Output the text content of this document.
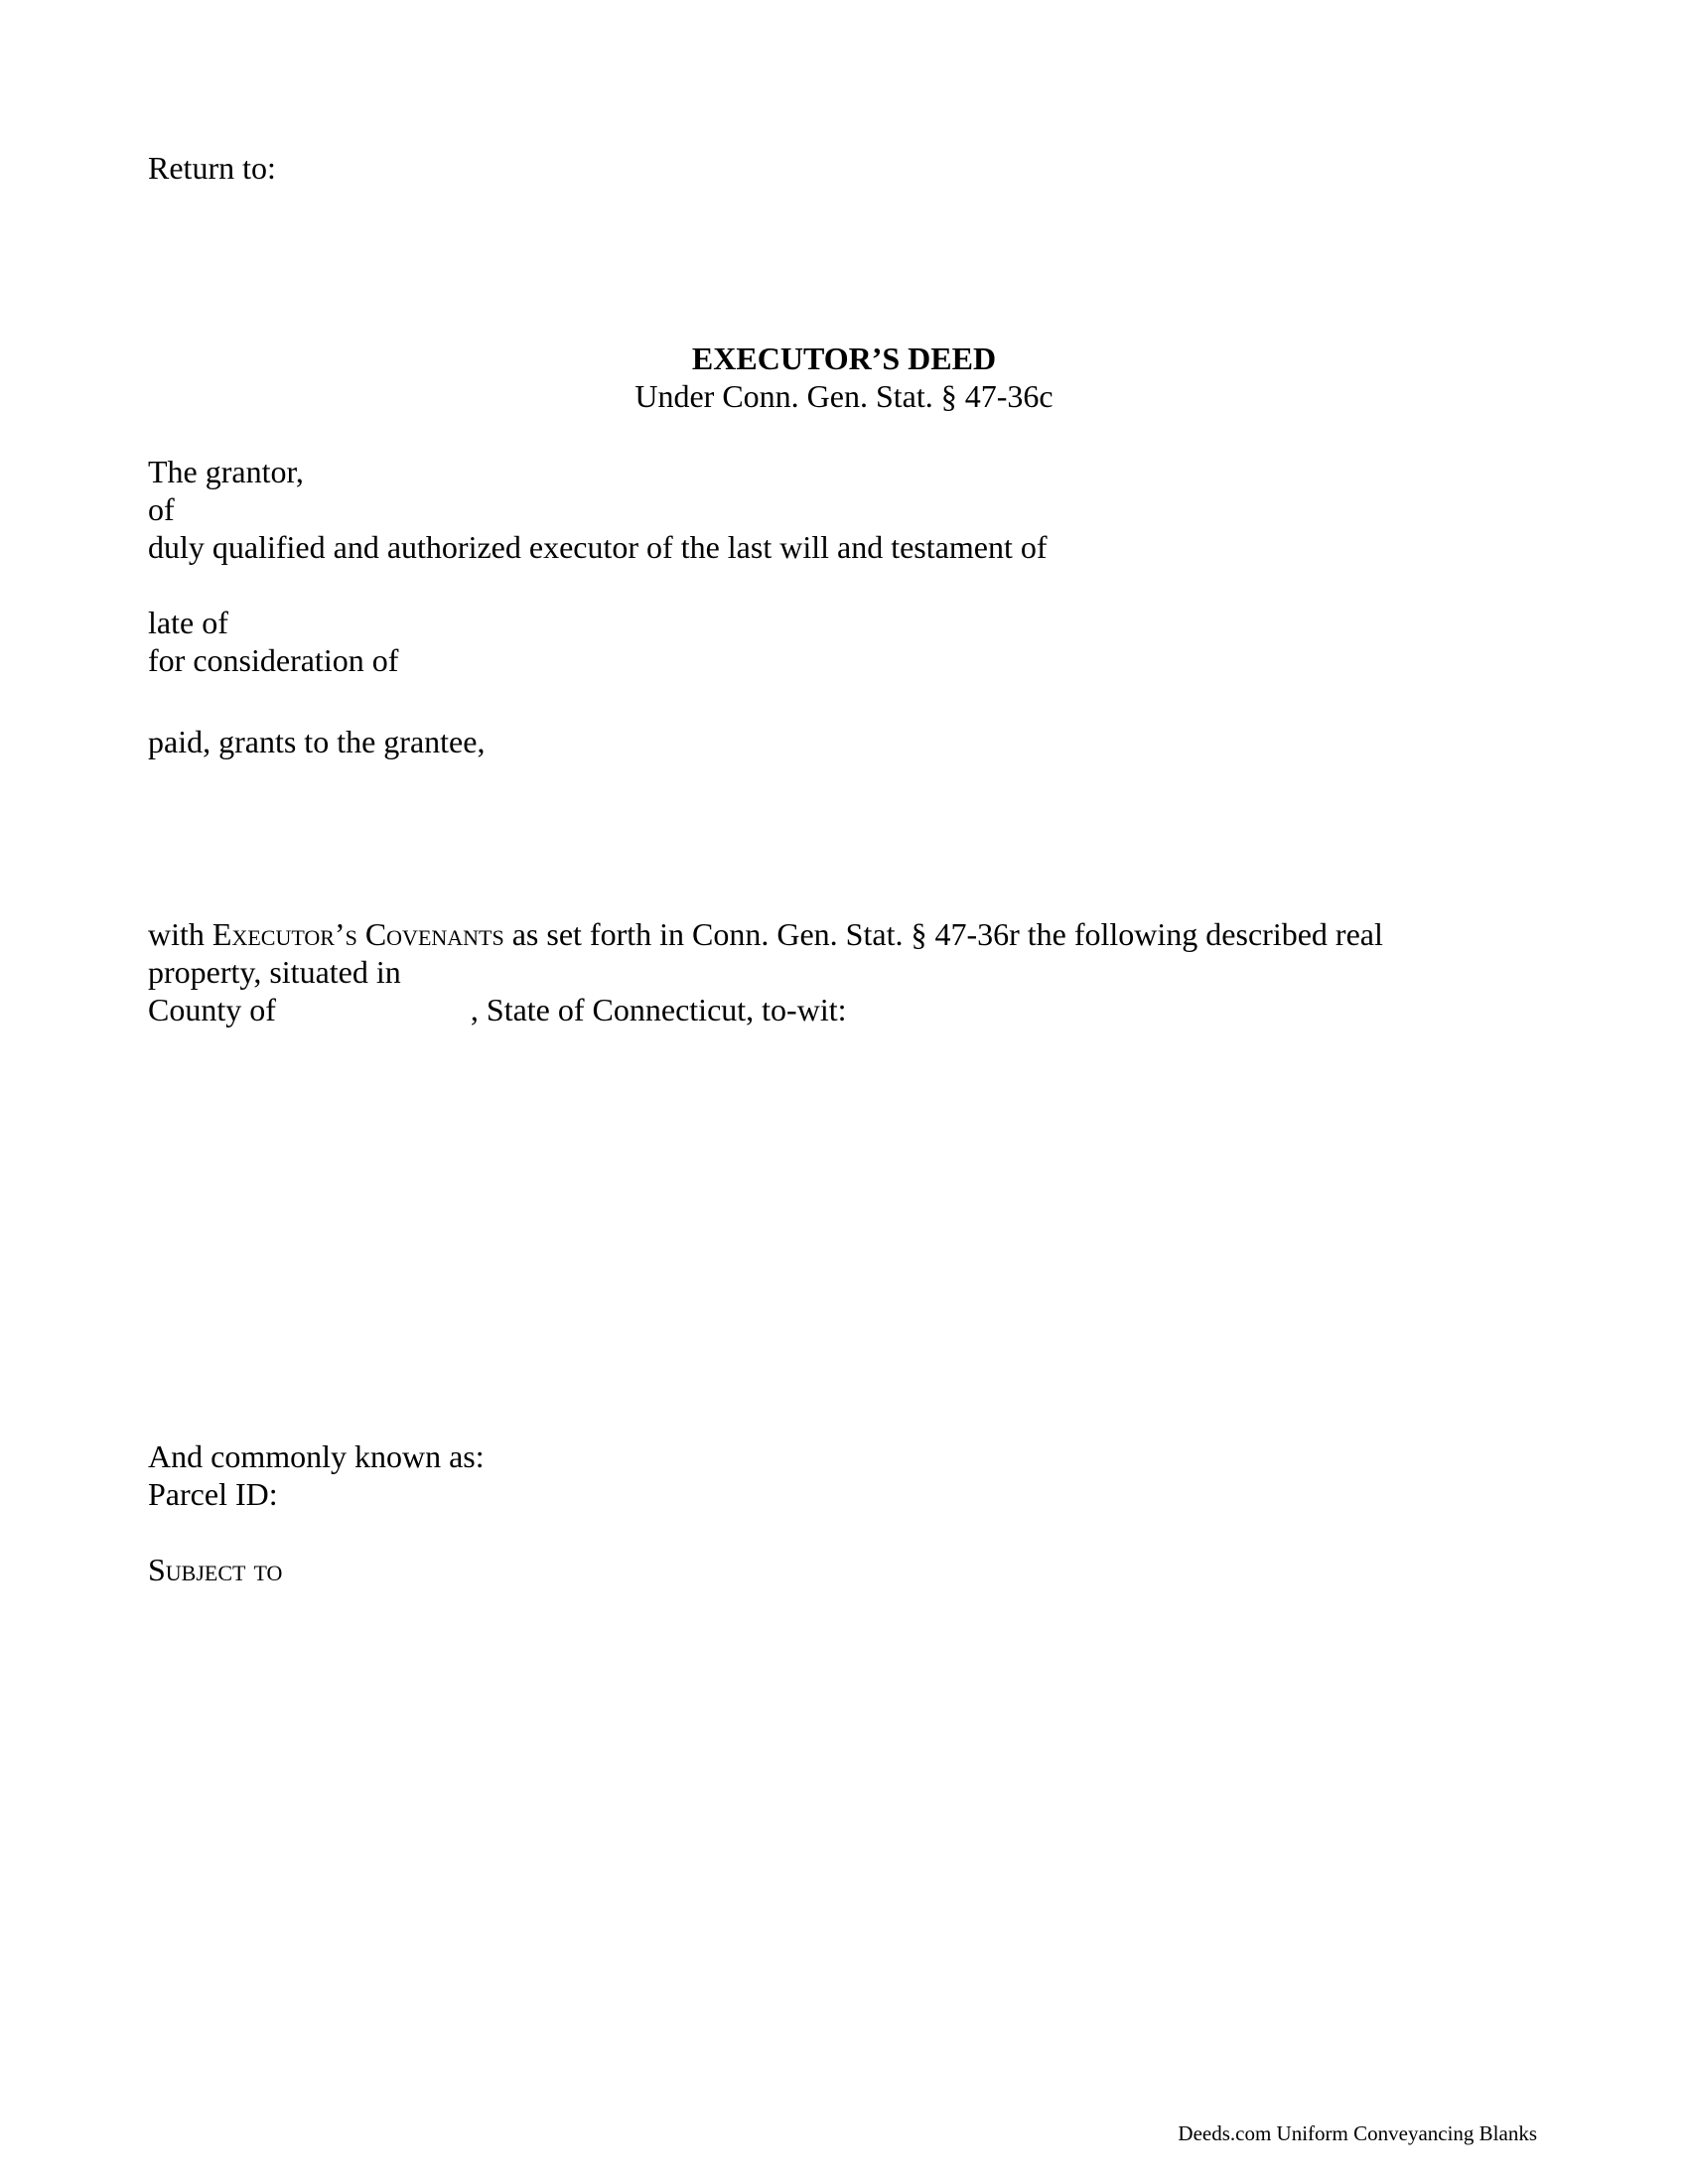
Return to:
EXECUTOR’S DEED
Under Conn. Gen. Stat. § 47-36c
The grantor,
of
duly qualified and authorized executor of the last will and testament of
late of
for consideration of
paid, grants to the grantee,
with Executor’s Covenants as set forth in Conn. Gen. Stat. § 47-36r the following described real
property, situated in
County of	, State of Connecticut, to-wit:
And commonly known as:
Parcel ID:
Subject to
Deeds.com Uniform Conveyancing Blanks
